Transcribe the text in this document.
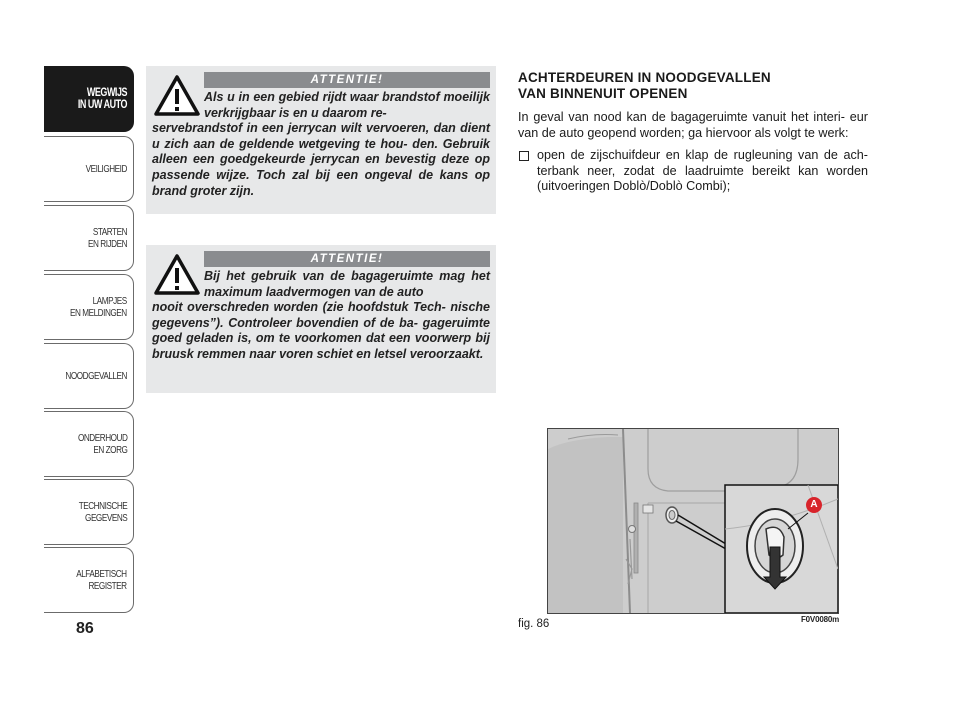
WEGWIJS
IN UW AUTO
VEILIGHEID
STARTEN
EN RIJDEN
LAMPJES
EN MELDINGEN
NOODGEVALLEN
ONDERHOUD
EN ZORG
TECHNISCHE
GEGEVENS
ALFABETISCH
REGISTER
86
ATTENTIE!
Als u in een gebied rijdt waar brandstof moeilijk verkrijgbaar is en u daarom re-
servebrandstof in een jerrycan wilt vervoeren, dan dient u zich aan de geldende wetgeving te hou- den. Gebruik alleen een goedgekeurde jerrycan en bevestig deze op passende wijze. Toch zal bij een ongeval de kans op brand groter zijn.
ATTENTIE!
Bij het gebruik van de bagageruimte mag het maximum laadvermogen van de auto
nooit overschreden worden (zie hoofdstuk Tech- nische gegevens”). Controleer bovendien of de ba- gageruimte goed geladen is, om te voorkomen dat een voorwerp bij bruusk remmen naar voren schiet en letsel veroorzaakt.
ACHTERDEUREN IN NOODGEVALLEN
VAN BINNENUIT OPENEN

In geval van nood kan de bagageruimte vanuit het interi- eur van de auto geopend worden; ga hiervoor als volgt te werk:

open de zijschuifdeur en klap de rugleuning van de ach- terbank neer, zodat de laadruimte bereikt kan worden (uitvoeringen Doblò/Doblò Combi);
A
fig. 86	F0V0080m
